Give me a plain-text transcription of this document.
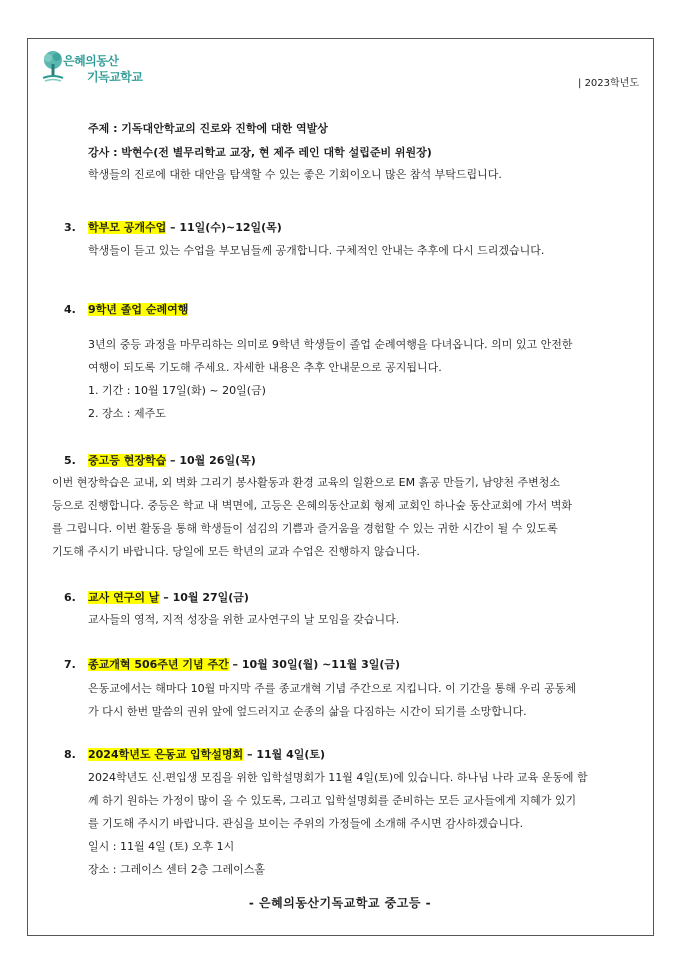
은혜의동산
기독교학교	| 2023학년도
주제 : 기독대안학교의 진로와 진학에 대한 역발상
강사 : 박현수(전 별무리학교 교장, 현 제주 레인 대학 설립준비 위원장)
학생들의 진로에 대한 대안을 탐색할 수 있는 좋은 기회이오니 많은 참석 부탁드립니다.
3. 학부모 공개수업 – 11일(수)~12일(목)
학생들이 듣고 있는 수업을 부모님들께 공개합니다. 구체적인 안내는 추후에 다시 드리겠습니다.
4. 9학년 졸업 순례여행
3년의 중등 과정을 마무리하는 의미로 9학년 학생들이 졸업 순례여행을 다녀옵니다. 의미 있고 안전한
여행이 되도록 기도해 주세요. 자세한 내용은 추후 안내문으로 공지됩니다.
1. 기간 : 10월 17일(화) ~ 20일(금)
2. 장소 : 제주도
5. 중고등 현장학습 – 10월 26일(목)
이번 현장학습은 교내, 외 벽화 그리기 봉사활동과 환경 교육의 일환으로 EM 흙공 만들기, 남양천 주변청소
등으로 진행합니다. 중등은 학교 내 벽면에, 고등은 은혜의동산교회 형제 교회인 하나숲 동산교회에 가서 벽화
를 그립니다. 이번 활동을 통해 학생들이 섬김의 기쁨과 즐거움을 경험할 수 있는 귀한 시간이 될 수 있도록
기도해 주시기 바랍니다. 당일에 모든 학년의 교과 수업은 진행하지 않습니다.
6. 교사 연구의 날 – 10월 27일(금)
교사들의 영적, 지적 성장을 위한 교사연구의 날 모임을 갖습니다.
7. 종교개혁 506주년 기념 주간 – 10월 30일(월) ~11월 3일(금)
은동교에서는 해마다 10월 마지막 주를 종교개혁 기념 주간으로 지킵니다. 이 기간을 통해 우리 공동체
가 다시 한번 말씀의 권위 앞에 엎드러지고 순종의 삶을 다짐하는 시간이 되기를 소망합니다.
8. 2024학년도 은동교 입학설명회 – 11월 4일(토)
2024학년도 신.편입생 모집을 위한 입학설명회가 11월 4일(토)에 있습니다. 하나님 나라 교육 운동에 함
께 하기 원하는 가정이 많이 올 수 있도록, 그리고 입학설명회를 준비하는 모든 교사들에게 지혜가 있기
를 기도해 주시기 바랍니다. 관심을 보이는 주위의 가정들에 소개해 주시면 감사하겠습니다.
일시 : 11월 4일 (토) 오후 1시
장소 : 그레이스 센터 2층 그레이스홀
- 은혜의동산기독교학교 중고등 -
